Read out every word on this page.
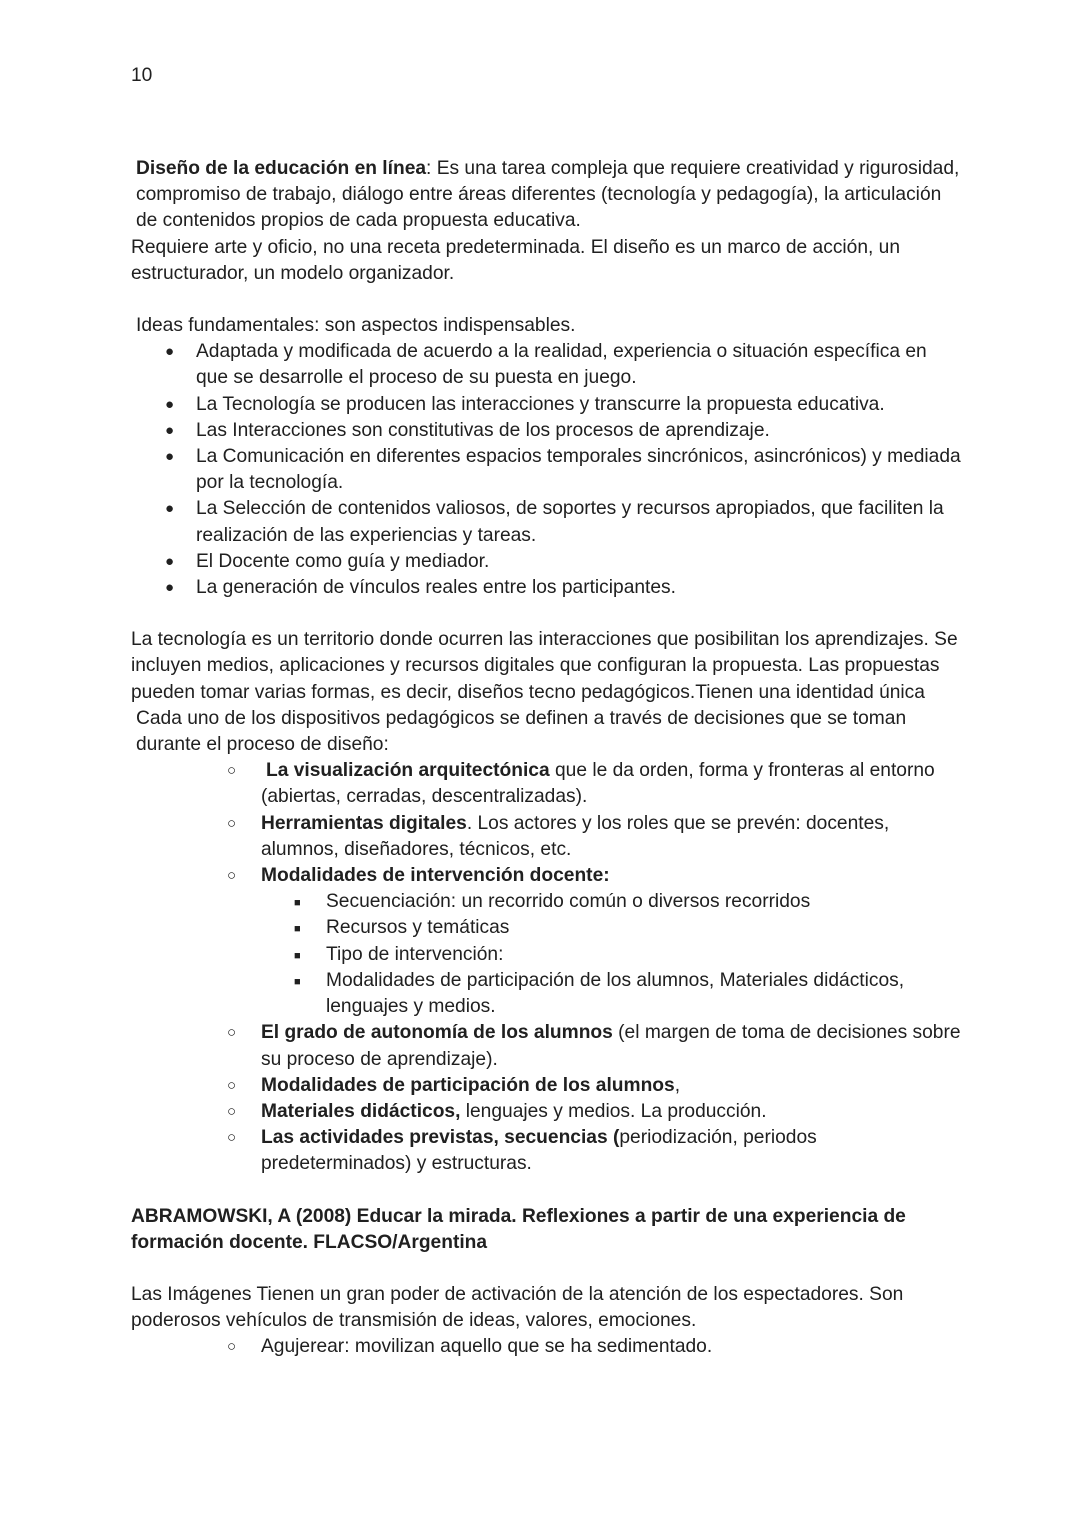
10

Diseño de la educación en línea: Es una tarea compleja que requiere creatividad y rigurosidad, compromiso de trabajo, diálogo entre áreas diferentes (tecnología y pedagogía), la articulación de contenidos propios de cada propuesta educativa.

Requiere arte y oficio, no una receta predeterminada. El diseño es un marco de acción, un estructurador, un modelo organizador.

Ideas fundamentales: son aspectos indispensables.

● Adaptada y modificada de acuerdo a la realidad, experiencia o situación específica en que se desarrolle el proceso de su puesta en juego.
● La Tecnología se producen las interacciones y transcurre la propuesta educativa.
● Las Interacciones son constitutivas de los procesos de aprendizaje.
● La Comunicación en diferentes espacios temporales sincrónicos, asincrónicos) y mediada por la tecnología.
● La Selección de contenidos valiosos, de soportes y recursos apropiados, que faciliten la realización de las experiencias y tareas.
● El Docente como guía y mediador.
● La generación de vínculos reales entre los participantes.

La tecnología es un territorio donde ocurren las interacciones que posibilitan los aprendizajes. Se incluyen medios, aplicaciones y recursos digitales que configuran la propuesta. Las propuestas pueden tomar varias formas, es decir, diseños tecno pedagógicos.Tienen una identidad única

Cada uno de los dispositivos pedagógicos se definen a través de decisiones que se toman durante el proceso de diseño:

○ La visualización arquitectónica que le da orden, forma y fronteras al entorno (abiertas, cerradas, descentralizadas).
○ Herramientas digitales. Los actores y los roles que se prevén: docentes, alumnos, diseñadores, técnicos, etc.
○ Modalidades de intervención docente:
■ Secuenciación: un recorrido común o diversos recorridos
■ Recursos y temáticas
■ Tipo de intervención:
■ Modalidades de participación de los alumnos, Materiales didácticos, lenguajes y medios.
○ El grado de autonomía de los alumnos (el margen de toma de decisiones sobre su proceso de aprendizaje).
○ Modalidades de participación de los alumnos,
○ Materiales didácticos, lenguajes y medios. La producción.
○ Las actividades previstas, secuencias (periodización, periodos predeterminados) y estructuras.

ABRAMOWSKI, A (2008) Educar la mirada. Reflexiones a partir de una experiencia de formación docente. FLACSO/Argentina

Las Imágenes Tienen un gran poder de activación de la atención de los espectadores. Son poderosos vehículos de transmisión de ideas, valores, emociones.

○ Agujerear: movilizan aquello que se ha sedimentado.
